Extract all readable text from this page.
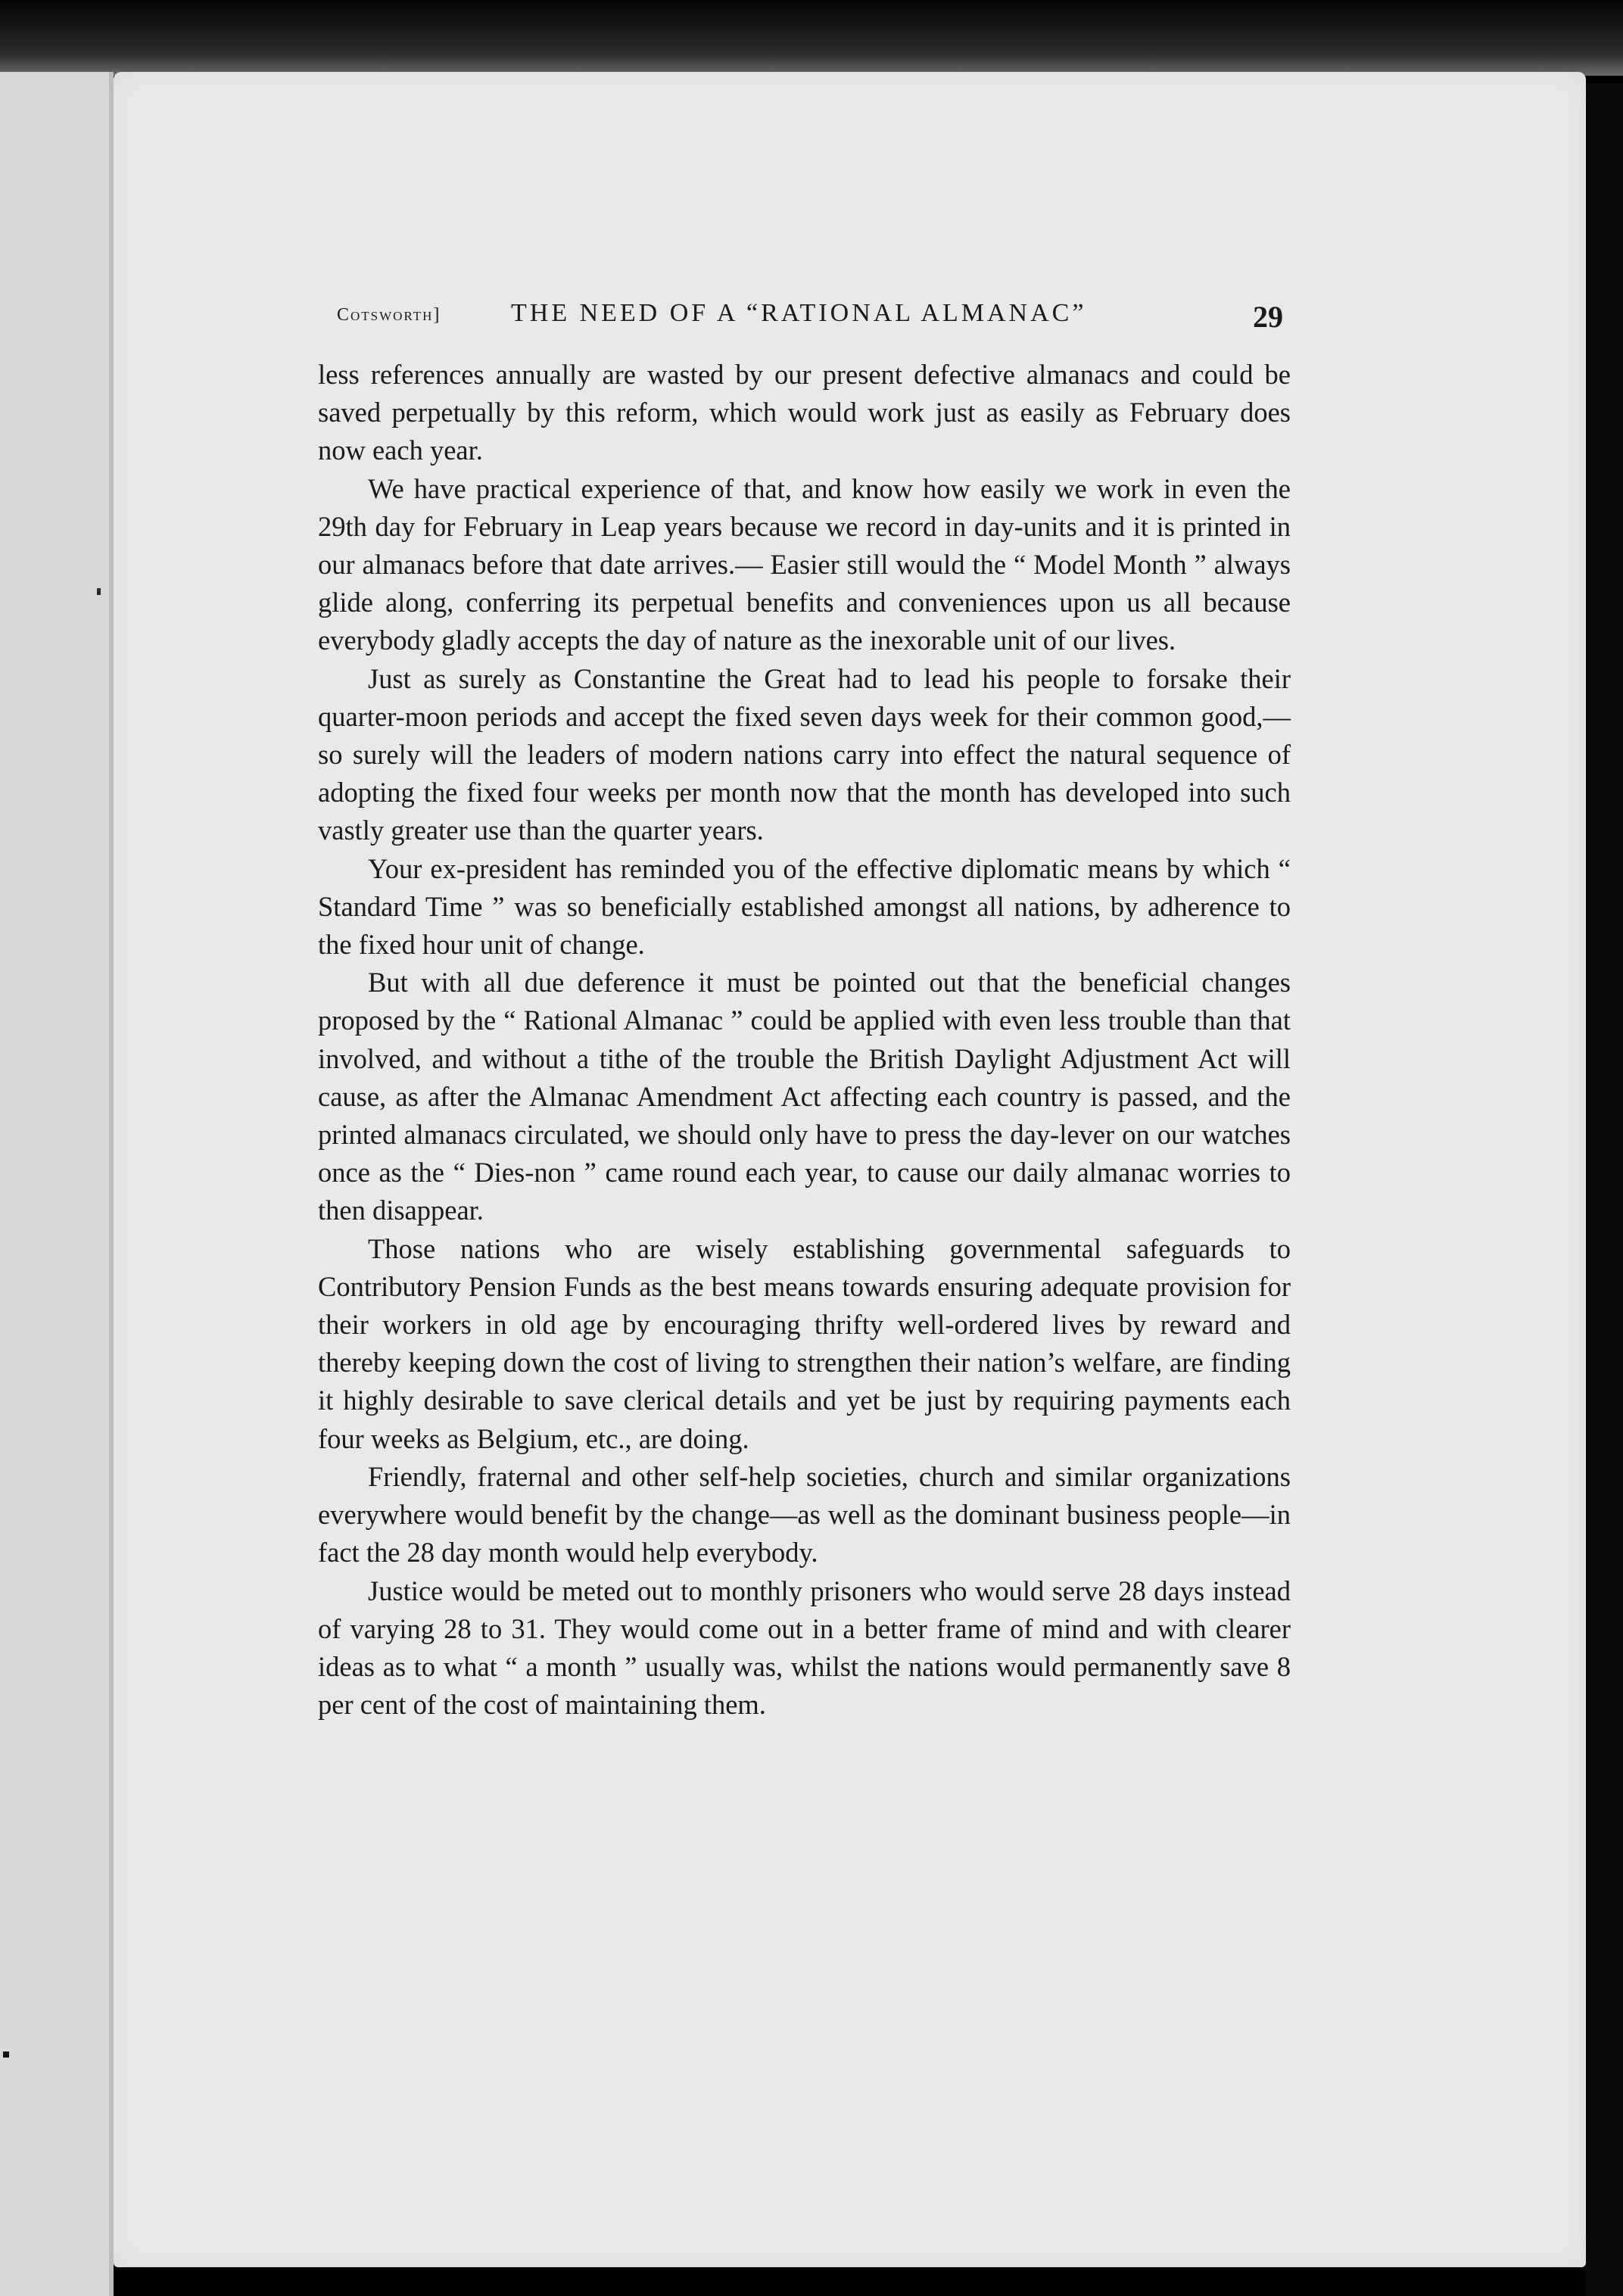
Cotsworth]	THE NEED OF A “RATIONAL ALMANAC”	29

less references annually are wasted by our present defective almanacs and could be saved perpetually by this reform, which would work just as easily as February does now each year.

We have practical experience of that, and know how easily we work in even the 29th day for February in Leap years because we record in day-units and it is printed in our almanacs before that date arrives.— Easier still would the “ Model Month ” always glide along, conferring its perpetual benefits and conveniences upon us all because everybody gladly accepts the day of nature as the inexorable unit of our lives.

Just as surely as Constantine the Great had to lead his people to forsake their quarter-moon periods and accept the fixed seven days week for their common good,—so surely will the leaders of modern nations carry into effect the natural sequence of adopting the fixed four weeks per month now that the month has developed into such vastly greater use than the quarter years.

Your ex-president has reminded you of the effective diplomatic means by which “ Standard Time ” was so beneficially established amongst all nations, by adherence to the fixed hour unit of change.

But with all due deference it must be pointed out that the beneficial changes proposed by the “ Rational Almanac ” could be applied with even less trouble than that involved, and without a tithe of the trouble the British Daylight Adjustment Act will cause, as after the Almanac Amendment Act affecting each country is passed, and the printed almanacs circulated, we should only have to press the day-lever on our watches once as the “ Dies-non ” came round each year, to cause our daily almanac worries to then disappear.

Those nations who are wisely establishing governmental safeguards to Contributory Pension Funds as the best means towards ensuring adequate provision for their workers in old age by encouraging thrifty well-ordered lives by reward and thereby keeping down the cost of living to strengthen their nation’s welfare, are finding it highly desirable to save clerical details and yet be just by requiring payments each four weeks as Belgium, etc., are doing.

Friendly, fraternal and other self-help societies, church and similar organizations everywhere would benefit by the change—as well as the dominant business people—in fact the 28 day month would help everybody.

Justice would be meted out to monthly prisoners who would serve 28 days instead of varying 28 to 31. They would come out in a better frame of mind and with clearer ideas as to what “ a month ” usually was, whilst the nations would permanently save 8 per cent of the cost of maintaining them.
